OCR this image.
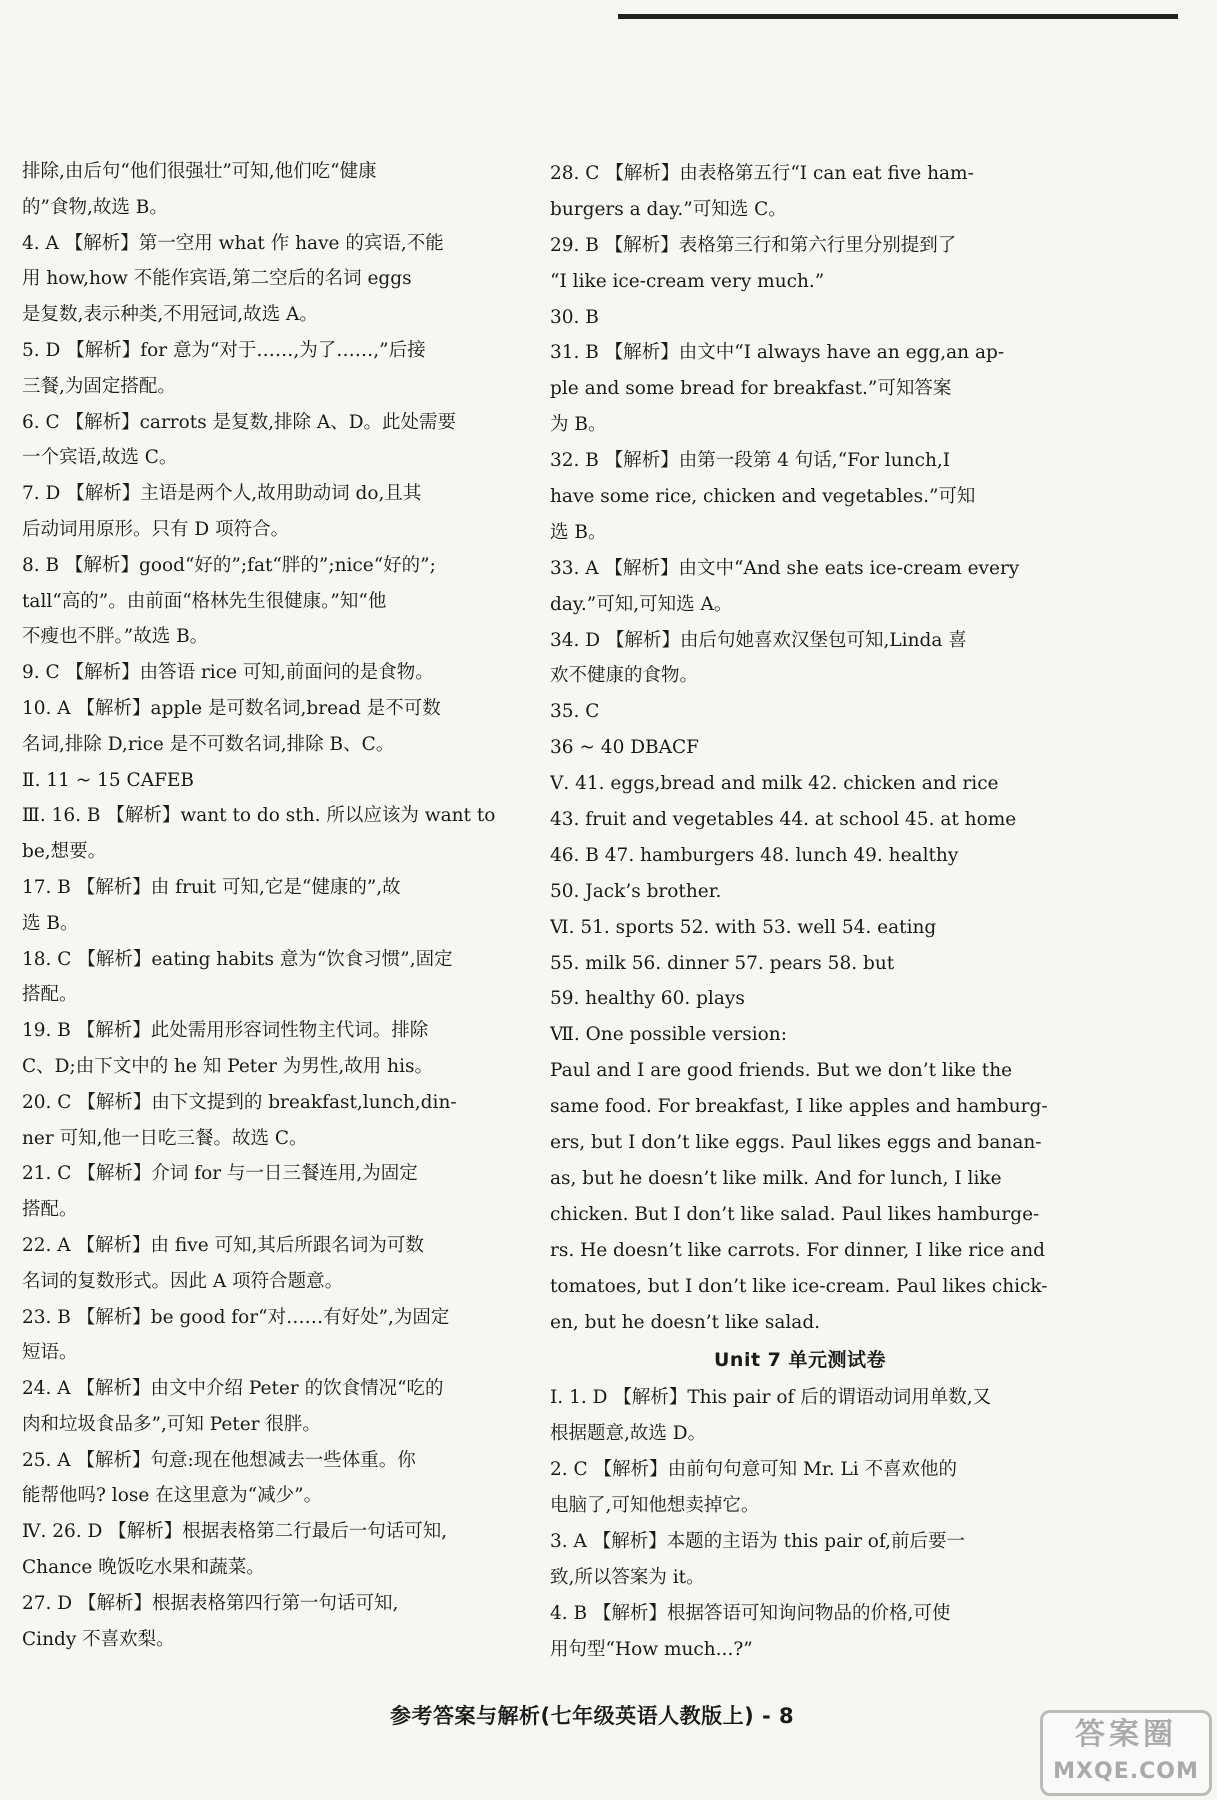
排除,由后句“他们很强壮”可知,他们吃“健康
的”食物,故选 B。
4. A 【解析】第一空用 what 作 have 的宾语,不能
用 how,how 不能作宾语,第二空后的名词 eggs
是复数,表示种类,不用冠词,故选 A。
5. D 【解析】for 意为“对于……,为了……,”后接
三餐,为固定搭配。
6. C 【解析】carrots 是复数,排除 A、D。此处需要
一个宾语,故选 C。
7. D 【解析】主语是两个人,故用助动词 do,且其
后动词用原形。只有 D 项符合。
8. B 【解析】good“好的”;fat“胖的”;nice“好的”;
tall“高的”。由前面“格林先生很健康。”知“他
不瘦也不胖。”故选 B。
9. C 【解析】由答语 rice 可知,前面问的是食物。
10. A 【解析】apple 是可数名词,bread 是不可数
名词,排除 D,rice 是不可数名词,排除 B、C。
Ⅱ. 11 ~ 15 CAFEB
Ⅲ. 16. B 【解析】want to do sth. 所以应该为 want to
be,想要。
17. B 【解析】由 fruit 可知,它是“健康的”,故
选 B。
18. C 【解析】eating habits 意为“饮食习惯”,固定
搭配。
19. B 【解析】此处需用形容词性物主代词。排除
C、D;由下文中的 he 知 Peter 为男性,故用 his。
20. C 【解析】由下文提到的 breakfast,lunch,din-
ner 可知,他一日吃三餐。故选 C。
21. C 【解析】介词 for 与一日三餐连用,为固定
搭配。
22. A 【解析】由 five 可知,其后所跟名词为可数
名词的复数形式。因此 A 项符合题意。
23. B 【解析】be good for“对……有好处”,为固定
短语。
24. A 【解析】由文中介绍 Peter 的饮食情况“吃的
肉和垃圾食品多”,可知 Peter 很胖。
25. A 【解析】句意:现在他想减去一些体重。你
能帮他吗? lose 在这里意为“减少”。
Ⅳ. 26. D 【解析】根据表格第二行最后一句话可知,
Chance 晚饭吃水果和蔬菜。
27. D 【解析】根据表格第四行第一句话可知,
Cindy 不喜欢梨。
28. C 【解析】由表格第五行“I can eat five ham-
burgers a day.”可知选 C。
29. B 【解析】表格第三行和第六行里分别提到了
“I like ice-cream very much.”
30. B
31. B 【解析】由文中“I always have an egg,an ap-
ple and some bread for breakfast.”可知答案
为 B。
32. B 【解析】由第一段第 4 句话,“For lunch,I
have some rice, chicken and vegetables.”可知
选 B。
33. A 【解析】由文中“And she eats ice-cream every
day.”可知,可知选 A。
34. D 【解析】由后句她喜欢汉堡包可知,Linda 喜
欢不健康的食物。
35. C
36 ~ 40 DBACF
Ⅴ. 41. eggs,bread and milk 42. chicken and rice
43. fruit and vegetables 44. at school 45. at home
46. B 47. hamburgers 48. lunch 49. healthy
50. Jack’s brother.
Ⅵ. 51. sports 52. with 53. well 54. eating
55. milk 56. dinner 57. pears 58. but
59. healthy 60. plays
Ⅶ. One possible version:
Paul and I are good friends. But we don’t like the
same food. For breakfast, I like apples and hamburg-
ers, but I don’t like eggs. Paul likes eggs and banan-
as, but he doesn’t like milk. And for lunch, I like
chicken. But I don’t like salad. Paul likes hamburge-
rs. He doesn’t like carrots. For dinner, I like rice and
tomatoes, but I don’t like ice-cream. Paul likes chick-
en, but he doesn’t like salad.
Unit 7 单元测试卷
Ⅰ. 1. D 【解析】This pair of 后的谓语动词用单数,又
根据题意,故选 D。
2. C 【解析】由前句句意可知 Mr. Li 不喜欢他的
电脑了,可知他想卖掉它。
3. A 【解析】本题的主语为 this pair of,前后要一
致,所以答案为 it。
4. B 【解析】根据答语可知询问物品的价格,可使
用句型“How much...?”
参考答案与解析(七年级英语人教版上) - 8
答案圈
MXQE.COM
